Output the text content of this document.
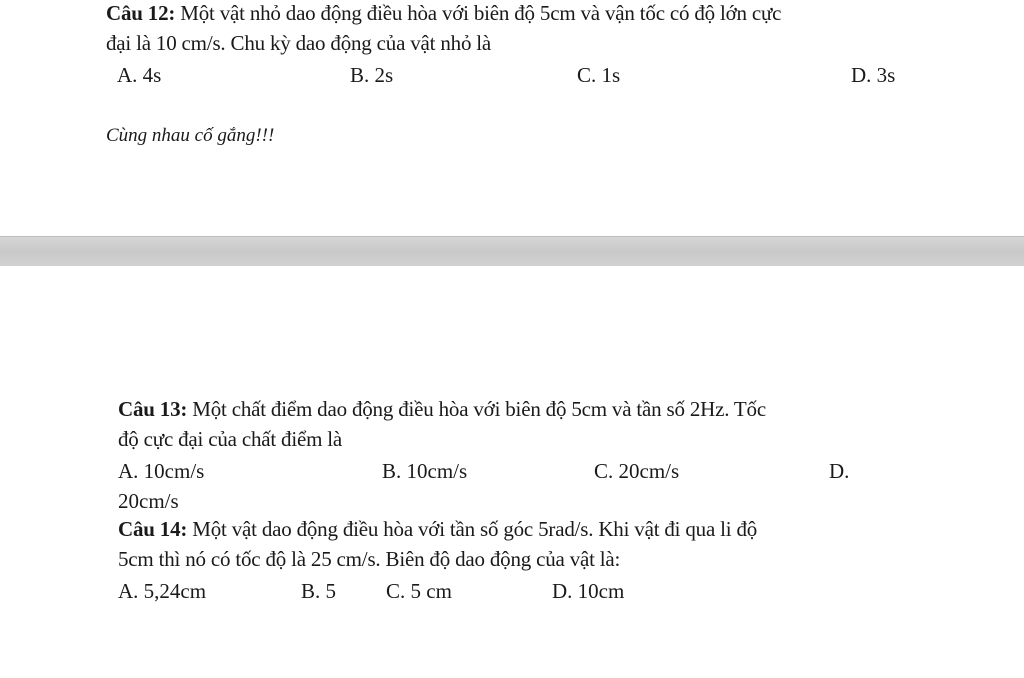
Câu 12: Một vật nhỏ dao động điều hòa với biên độ 5cm và vận tốc có độ lớn cực
đại là 10 cm/s. Chu kỳ dao động của vật nhỏ là
A. 4s	B. 2s	C. 1s	D. 3s
Cùng nhau cố gắng!!!
Câu 13: Một chất điểm dao động điều hòa với biên độ 5cm và tần số 2Hz. Tốc
độ cực đại của chất điểm là
A. 10cm/s	B. 10cm/s	C. 20cm/s	D.
20cm/s
Câu 14: Một vật dao động điều hòa với tần số góc 5rad/s. Khi vật đi qua li độ
5cm thì nó có tốc độ là 25 cm/s. Biên độ dao động của vật là:
A. 5,24cm	B. 5 C. 5 cm	D. 10cm
